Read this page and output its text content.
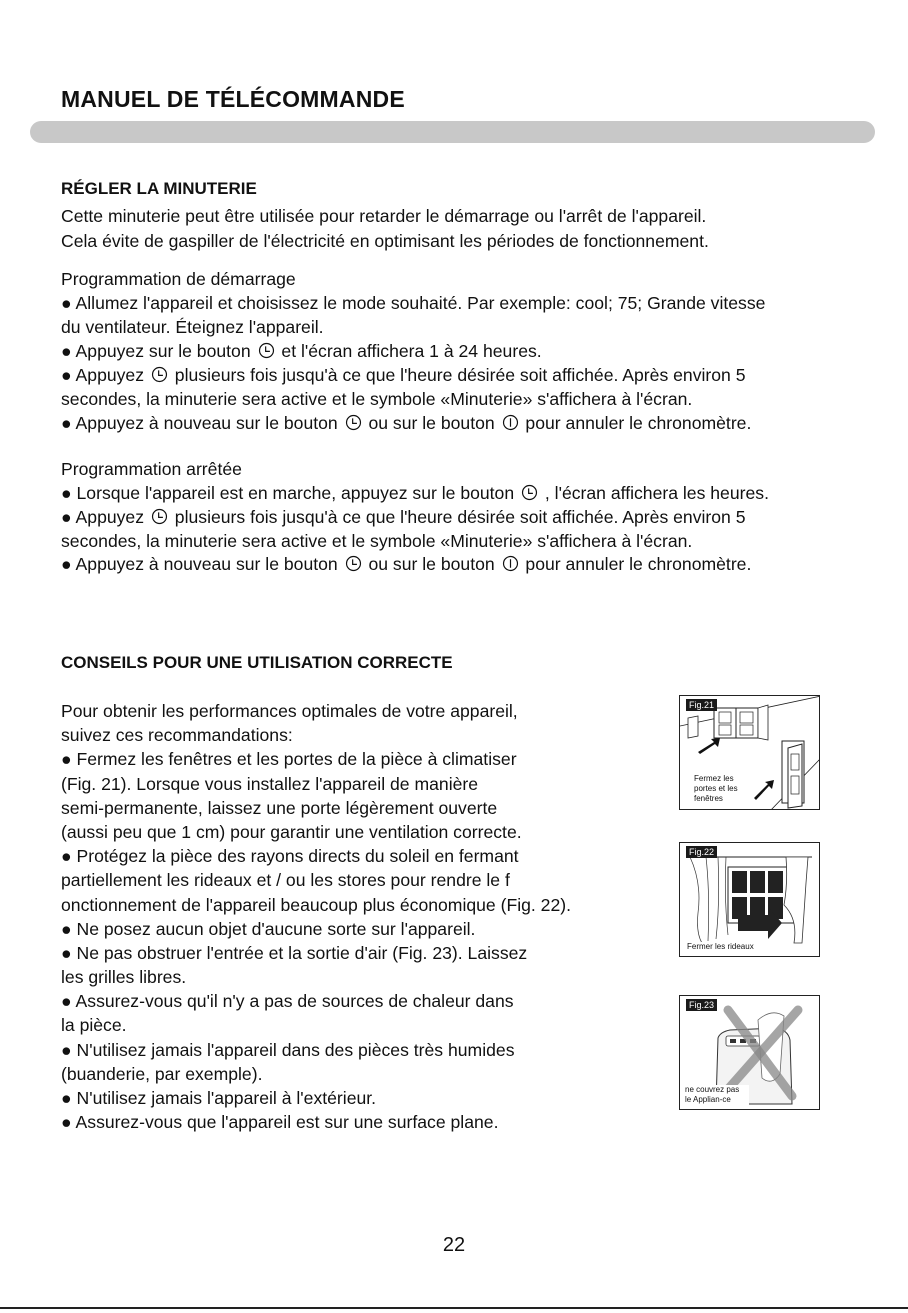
MANUEL DE TÉLÉCOMMANDE
RÉGLER LA MINUTERIE
Cette minuterie peut être utilisée pour retarder le démarrage ou l'arrêt de l'appareil.
Cela évite de gaspiller de l'électricité en optimisant les périodes de fonctionnement.
Programmation de démarrage
● Allumez l'appareil et choisissez le mode souhaité. Par exemple: cool; 75; Grande vitesse
du ventilateur. Éteignez l'appareil.
● Appuyez sur le bouton  et l'écran affichera 1 à 24 heures.
● Appuyez  plusieurs fois jusqu'à ce que l'heure désirée soit affichée. Après environ 5
secondes, la minuterie sera active et le symbole «Minuterie» s'affichera à l'écran.
● Appuyez à nouveau sur le bouton  ou sur le bouton  pour annuler le chronomètre.
Programmation arrêtée
● Lorsque l'appareil est en marche, appuyez sur le bouton  , l'écran affichera les heures.
● Appuyez  plusieurs fois jusqu'à ce que l'heure désirée soit affichée. Après environ 5
secondes, la minuterie sera active et le symbole «Minuterie» s'affichera à l'écran.
● Appuyez à nouveau sur le bouton  ou sur le bouton  pour annuler le chronomètre.
CONSEILS POUR UNE UTILISATION CORRECTE
Pour obtenir les performances optimales de votre appareil,
suivez ces recommandations:
● Fermez les fenêtres et les portes de la pièce à climatiser
(Fig. 21). Lorsque vous installez l'appareil de manière
semi-permanente, laissez une porte légèrement ouverte
(aussi peu que 1 cm) pour garantir une ventilation correcte.
● Protégez la pièce des rayons directs du soleil en fermant
partiellement les rideaux et / ou les stores pour rendre le f
onctionnement de l'appareil beaucoup plus économique (Fig. 22).
● Ne posez aucun objet d'aucune sorte sur l'appareil.
● Ne pas obstruer l'entrée et la sortie d'air (Fig. 23). Laissez
les grilles libres.
● Assurez-vous qu'il n'y a pas de sources de chaleur dans
la pièce.
● N'utilisez jamais l'appareil dans des pièces très humides
(buanderie, par exemple).
● N'utilisez jamais l'appareil à l'extérieur.
● Assurez-vous que l'appareil est sur une surface plane.
Fig.21
Fermez les
portes et les
fenêtres
Fig.22
Fermer les rideaux
Fig.23
ne couvrez pas
le Applian-ce
22
